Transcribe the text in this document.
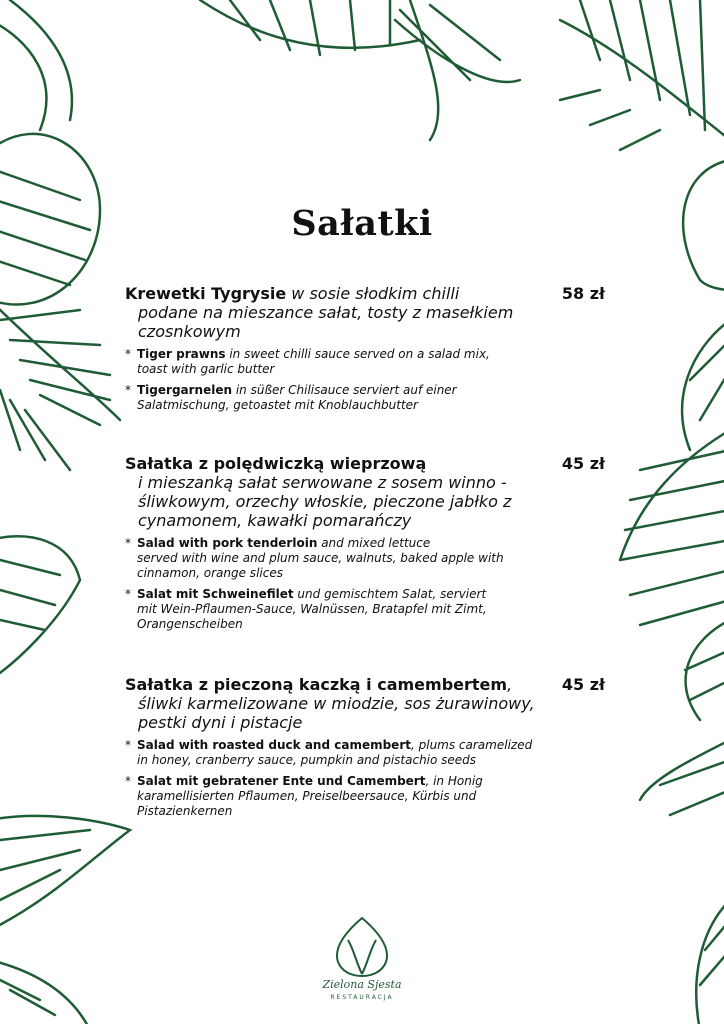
Sałatki
58 zł
Krewetki Tygrysie w sosie słodkim chilli
podane na mieszance sałat, tosty z masełkiem czosnkowym
* Tiger prawns in sweet chilli sauce served on a salad mix,
toast with garlic butter
* Tigergarnelen in süßer Chilisauce serviert auf einer
Salatmischung, getoastet mit Knoblauchbutter
45 zł
Sałatka z polędwiczką wieprzową
i mieszanką sałat serwowane z sosem winno - śliwkowym, orzechy włoskie, pieczone jabłko z cynamonem, kawałki pomarańczy
* Salad with pork tenderloin and mixed lettuce
served with wine and plum sauce, walnuts, baked apple with cinnamon, orange slices
* Salat mit Schweinefilet und gemischtem Salat, serviert
mit Wein-Pflaumen-Sauce, Walnüssen, Bratapfel mit Zimt, Orangenscheiben
45 zł
Sałatka z pieczoną kaczką i camembertem,
śliwki karmelizowane w miodzie, sos żurawinowy, pestki dyni i pistacje
* Salad with roasted duck and camembert, plums caramelized
in honey, cranberry sauce, pumpkin and pistachio seeds
* Salat mit gebratener Ente und Camembert, in Honig
karamellisierten Pflaumen, Preiselbeersauce, Kürbis und Pistazienkernen
Zielona Sjesta
RESTAURACJA
